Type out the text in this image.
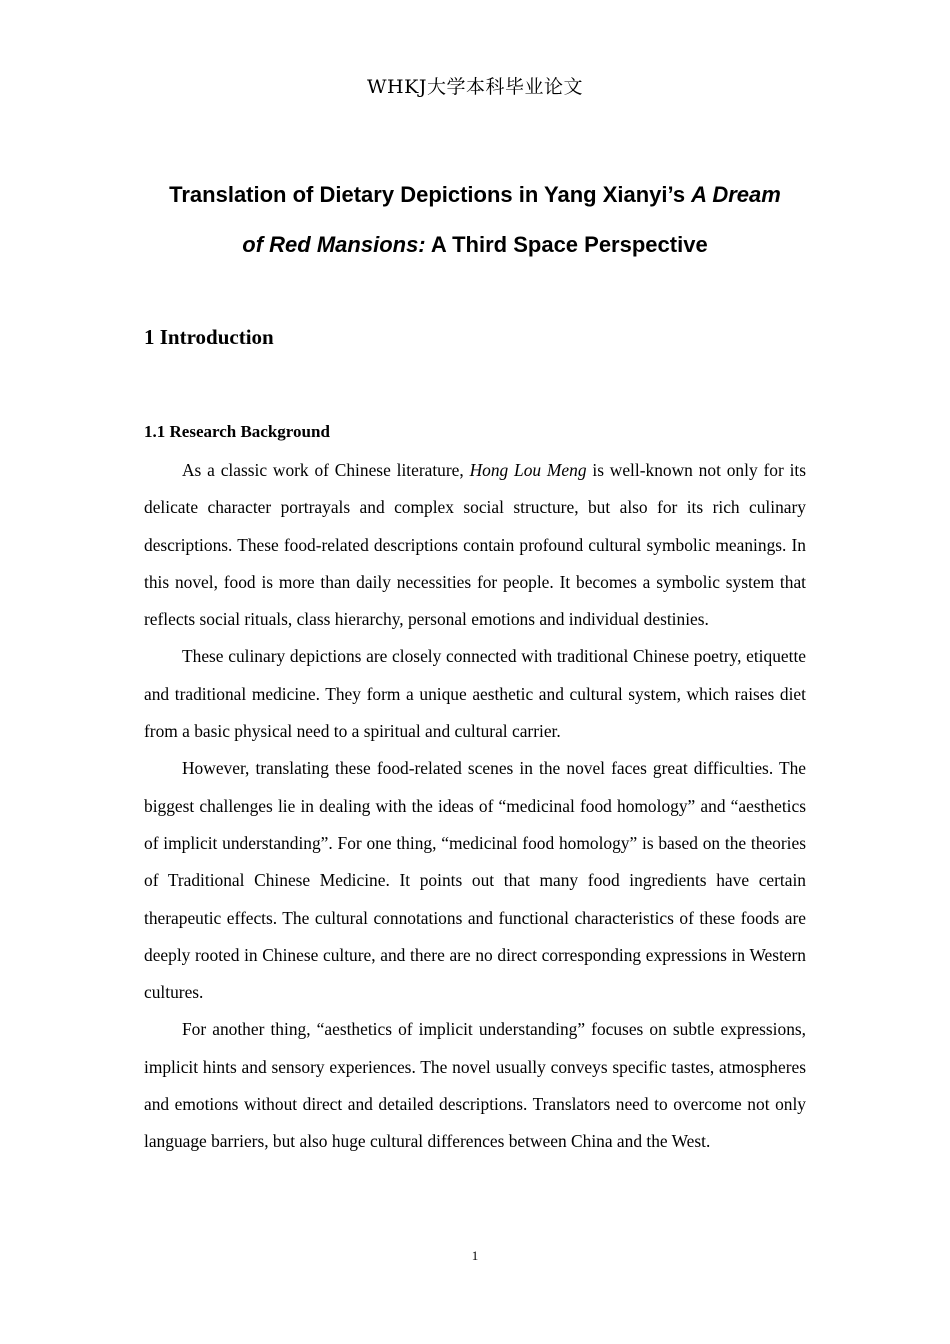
WHKJ大学本科毕业论文
Translation of Dietary Depictions in Yang Xianyi’s A Dream
of Red Mansions: A Third Space Perspective
1 Introduction
1.1 Research Background

As a classic work of Chinese literature, Hong Lou Meng is well-known not only for its delicate character portrayals and complex social structure, but also for its rich culinary descriptions. These food-related descriptions contain profound cultural symbolic meanings. In this novel, food is more than daily necessities for people. It becomes a symbolic system that reflects social rituals, class hierarchy, personal emotions and individual destinies.

These culinary depictions are closely connected with traditional Chinese poetry, etiquette and traditional medicine. They form a unique aesthetic and cultural system, which raises diet from a basic physical need to a spiritual and cultural carrier.

However, translating these food-related scenes in the novel faces great difficulties. The biggest challenges lie in dealing with the ideas of “medicinal food homology” and “aesthetics of implicit understanding”. For one thing, “medicinal food homology” is based on the theories of Traditional Chinese Medicine. It points out that many food ingredients have certain therapeutic effects. The cultural connotations and functional characteristics of these foods are deeply rooted in Chinese culture, and there are no direct corresponding expressions in Western cultures.

For another thing, “aesthetics of implicit understanding” focuses on subtle expressions, implicit hints and sensory experiences. The novel usually conveys specific tastes, atmospheres and emotions without direct and detailed descriptions. Translators need to overcome not only language barriers, but also huge cultural differences between China and the West.

1
